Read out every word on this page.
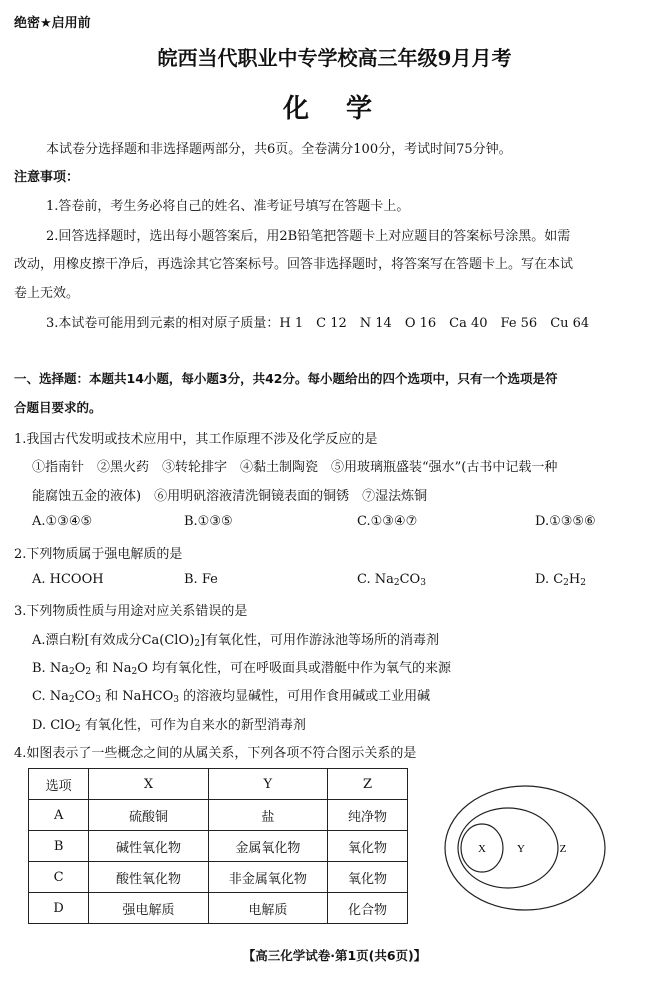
绝密★启用前
皖西当代职业中专学校高三年级9月月考
化 学
本试卷分选择题和非选择题两部分，共6页。全卷满分100分，考试时间75分钟。
注意事项：
1.答卷前，考生务必将自己的姓名、准考证号填写在答题卡上。
2.回答选择题时，选出每小题答案后，用2B铅笔把答题卡上对应题目的答案标号涂黑。如需
改动，用橡皮擦干净后，再选涂其它答案标号。回答非选择题时，将答案写在答题卡上。写在本试
卷上无效。
3.本试卷可能用到元素的相对原子质量：H 1　C 12　N 14　O 16　Ca 40　Fe 56　Cu 64
一、选择题：本题共14小题，每小题3分，共42分。每小题给出的四个选项中，只有一个选项是符
合题目要求的。
1.我国古代发明或技术应用中，其工作原理不涉及化学反应的是
①指南针　②黑火药　③转轮排字　④黏土制陶瓷　⑤用玻璃瓶盛装“强水”(古书中记载一种
能腐蚀五金的液体)　⑥用明矾溶液清洗铜镜表面的铜锈　⑦湿法炼铜
A.①③④⑤	B.①③⑤	C.①③④⑦	D.①③⑤⑥
2.下列物质属于强电解质的是
A. HCOOH	B. Fe	C. $Na_2CO_3$	D. $C_2H_2$
3.下列物质性质与用途对应关系错误的是
A.漂白粉[有效成分$Ca(ClO)_2$]有氧化性，可用作游泳池等场所的消毒剂
B. $Na_2O_2$ 和 $Na_2O$ 均有氧化性，可在呼吸面具或潜艇中作为氧气的来源
C. $Na_2CO_3$ 和 NaHCO$_3$ 的溶液均显碱性，可用作食用碱或工业用碱
D. ClO$_2$ 有氧化性，可作为自来水的新型消毒剂
4.如图表示了一些概念之间的从属关系，下列各项不符合图示关系的是
选项	X	Y	Z
A	硫酸铜	盐	纯净物
B	碱性氧化物	金属氧化物	氧化物
C	酸性氧化物	非金属氧化物	氧化物
D	强电解质	电解质	化合物
X	Y	Z
【高三化学试卷·第1页(共6页)】
